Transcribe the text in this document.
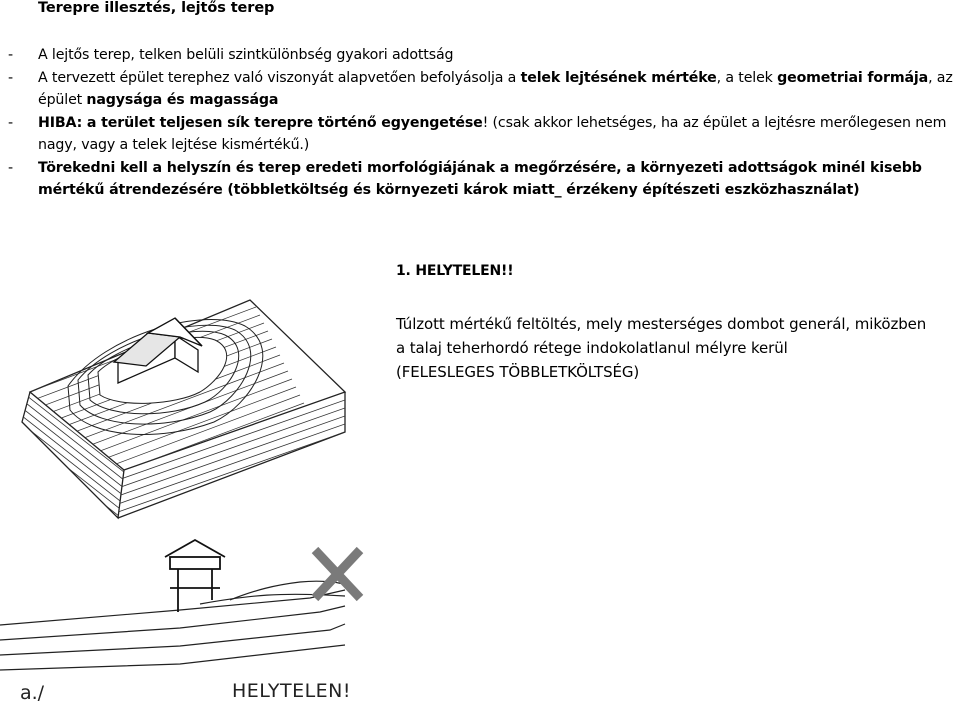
Terepre illesztés, lejtős terep
- A lejtős terep, telken belüli szintkülönbség gyakori adottság
- A tervezett épület terephez való viszonyát alapvetően befolyásolja a telek lejtésének mértéke, a telek geometriai formája, az épület nagysága és magassága
- HIBA: a terület teljesen sík terepre történő egyengetése! (csak akkor lehetséges, ha az épület a lejtésre merőlegesen nem nagy, vagy a telek lejtése kismértékű.)
- Törekedni kell a helyszín és terep eredeti morfológiájának a megőrzésére, a környezeti adottságok minél kisebb mértékű átrendezésére (többletköltség és környezeti károk miatt_ érzékeny építészeti eszközhasználat)
1. HELYTELEN!!
Túlzott mértékű feltöltés, mely mesterséges dombot generál, miközben
a talaj teherhordó rétege indokolatlanul mélyre kerül
(FELESLEGES TÖBBLETKÖLTSÉG)
a./	HELYTELEN!
